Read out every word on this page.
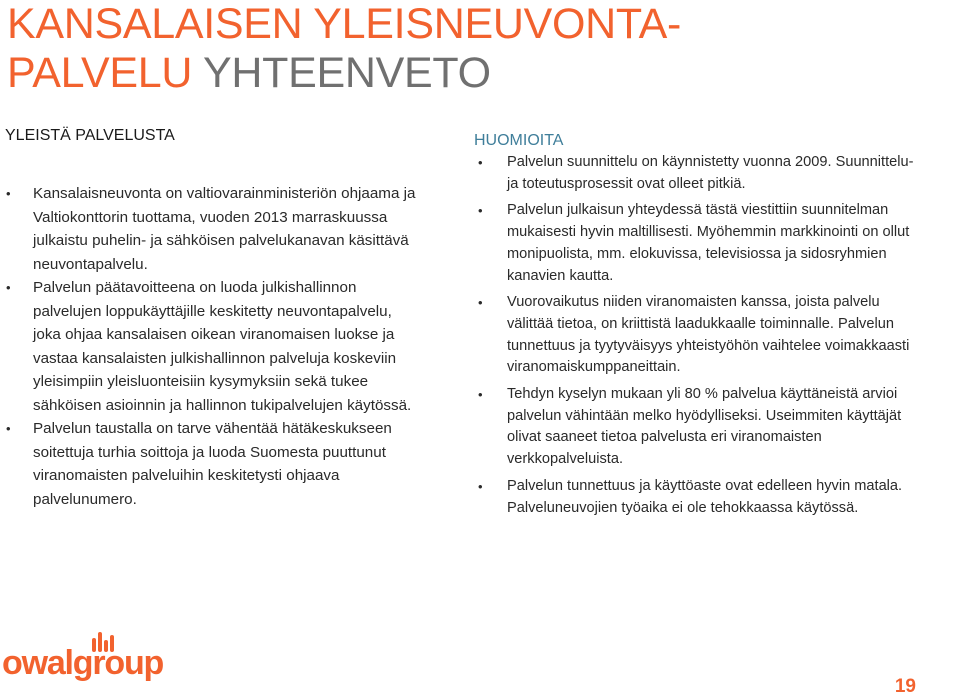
KANSALAISEN YLEISNEUVONTA-
PALVELU YHTEENVETO
YLEISTÄ PALVELUSTA
• Kansalaisneuvonta on valtiovarainministeriön ohjaama ja Valtiokonttorin tuottama, vuoden 2013 marraskuussa julkaistu puhelin- ja sähköisen palvelukanavan käsittävä neuvontapalvelu.
• Palvelun päätavoitteena on luoda julkishallinnon palvelujen loppukäyttäjille keskitetty neuvontapalvelu, joka ohjaa kansalaisen oikean viranomaisen luokse ja vastaa kansalaisten julkishallinnon palveluja koskeviin yleisimpiin yleisluonteisiin kysymyksiin sekä tukee sähköisen asioinnin ja hallinnon tukipalvelujen käytössä.
• Palvelun taustalla on tarve vähentää hätäkeskukseen soitettuja turhia soittoja ja luoda Suomesta puuttunut viranomaisten palveluihin keskitetysti ohjaava palvelunumero.
HUOMIOITA
• Palvelun suunnittelu on käynnistetty vuonna 2009. Suunnittelu- ja toteutusprosessit ovat olleet pitkiä.
• Palvelun julkaisun yhteydessä tästä viestittiin suunnitelman mukaisesti hyvin maltillisesti. Myöhemmin markkinointi on ollut monipuolista, mm. elokuvissa, televisiossa ja sidosryhmien kanavien kautta.
• Vuorovaikutus niiden viranomaisten kanssa, joista palvelu välittää tietoa, on kriittistä laadukkaalle toiminnalle. Palvelun tunnettuus ja tyytyväisyys yhteistyöhön vaihtelee voimakkaasti viranomaiskumppaneittain.
• Tehdyn kyselyn mukaan yli 80 % palvelua käyttäneistä arvioi palvelun vähintään melko hyödylliseksi. Useimmiten käyttäjät olivat saaneet tietoa palvelusta eri viranomaisten verkkopalveluista.
• Palvelun tunnettuus ja käyttöaste ovat edelleen hyvin matala. Palveluneuvojien työaika ei ole tehokkaassa käytössä.
owalgroup
19
